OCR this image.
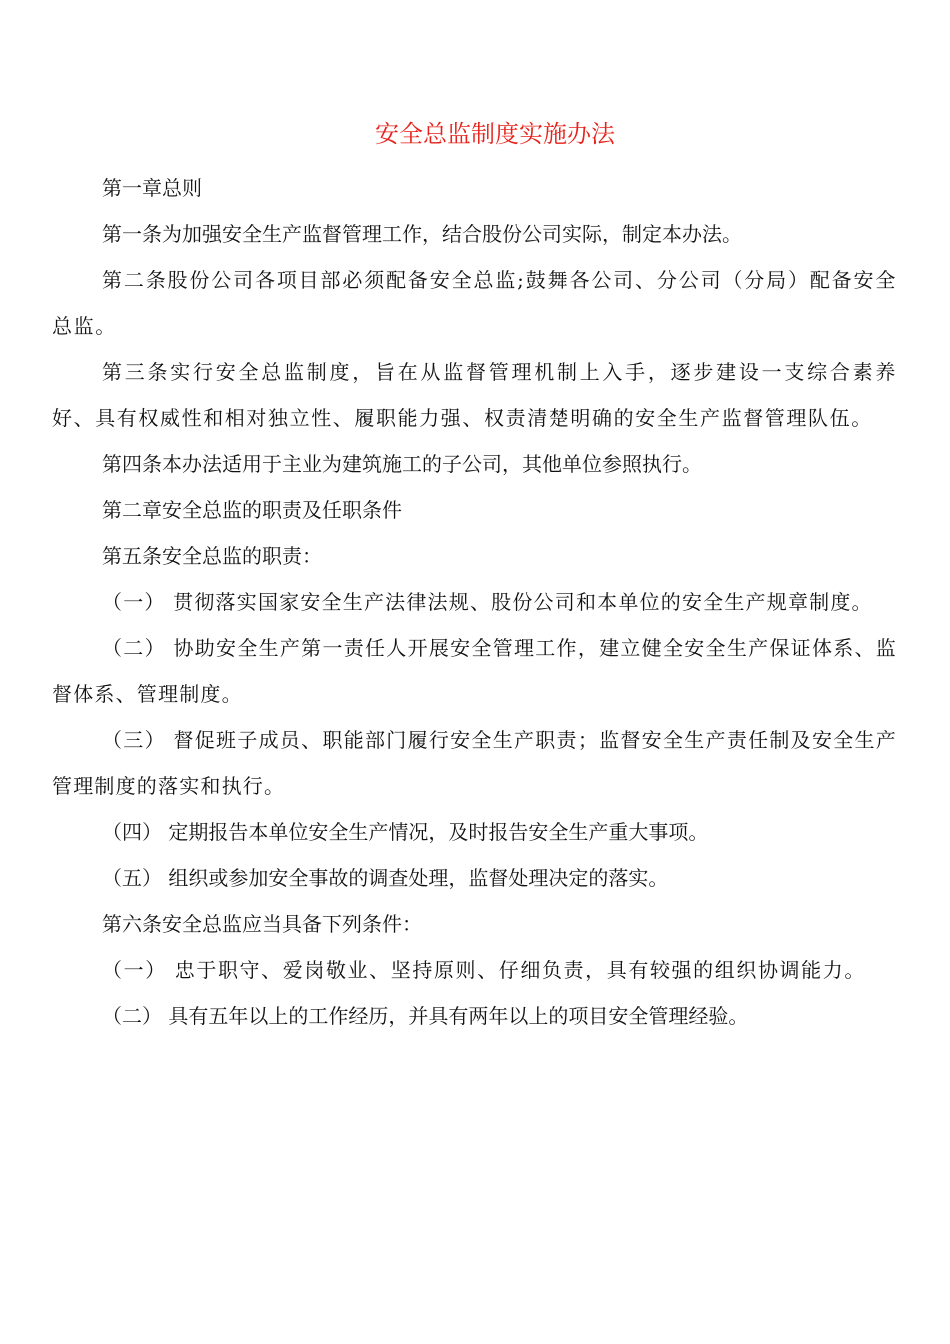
安全总监制度实施办法

第一章总则

第一条为加强安全生产监督管理工作，结合股份公司实际，制定本办法。

第二条股份公司各项目部必须配备安全总监;鼓舞各公司、分公司（分局）配备安全总监。

第三条实行安全总监制度，旨在从监督管理机制上入手，逐步建设一支综合素养好、具有权威性和相对独立性、履职能力强、权责清楚明确的安全生产监督管理队伍。

第四条本办法适用于主业为建筑施工的子公司，其他单位参照执行。

第二章安全总监的职责及任职条件

第五条安全总监的职责：

（一） 贯彻落实国家安全生产法律法规、股份公司和本单位的安全生产规章制度。

（二） 协助安全生产第一责任人开展安全管理工作，建立健全安全生产保证体系、监督体系、管理制度。

（三） 督促班子成员、职能部门履行安全生产职责；监督安全生产责任制及安全生产管理制度的落实和执行。

（四） 定期报告本单位安全生产情况，及时报告安全生产重大事项。

（五） 组织或参加安全事故的调查处理，监督处理决定的落实。

第六条安全总监应当具备下列条件：

（一） 忠于职守、爱岗敬业、坚持原则、仔细负责，具有较强的组织协调能力。

（二） 具有五年以上的工作经历，并具有两年以上的项目安全管理经验。
